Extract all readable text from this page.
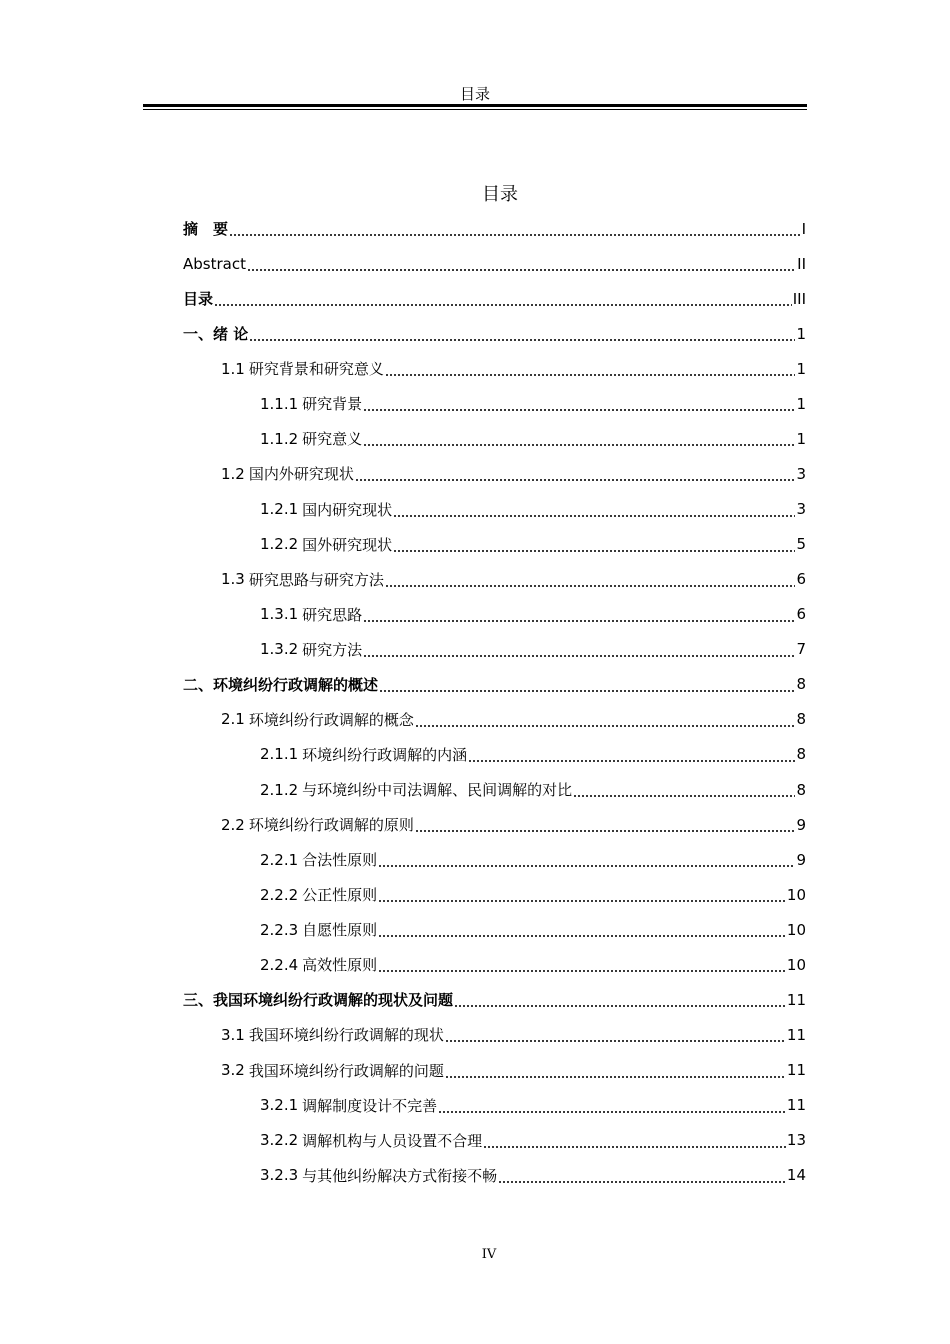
目录
目录
摘　要	I
Abstract	II
目录	III
一、绪 论	1
1.1 研究背景和研究意义	1
1.1.1 研究背景	1
1.1.2 研究意义	1
1.2 国内外研究现状	3
1.2.1 国内研究现状	3
1.2.2 国外研究现状	5
1.3 研究思路与研究方法	6
1.3.1 研究思路	6
1.3.2 研究方法	7
二、环境纠纷行政调解的概述	8
2.1 环境纠纷行政调解的概念	8
2.1.1 环境纠纷行政调解的内涵	8
2.1.2 与环境纠纷中司法调解、民间调解的对比	8
2.2 环境纠纷行政调解的原则	9
2.2.1 合法性原则	9
2.2.2 公正性原则	10
2.2.3 自愿性原则	10
2.2.4 高效性原则	10
三、我国环境纠纷行政调解的现状及问题	11
3.1 我国环境纠纷行政调解的现状	11
3.2 我国环境纠纷行政调解的问题	11
3.2.1 调解制度设计不完善	11
3.2.2 调解机构与人员设置不合理	13
3.2.3 与其他纠纷解决方式衔接不畅	14
IV
